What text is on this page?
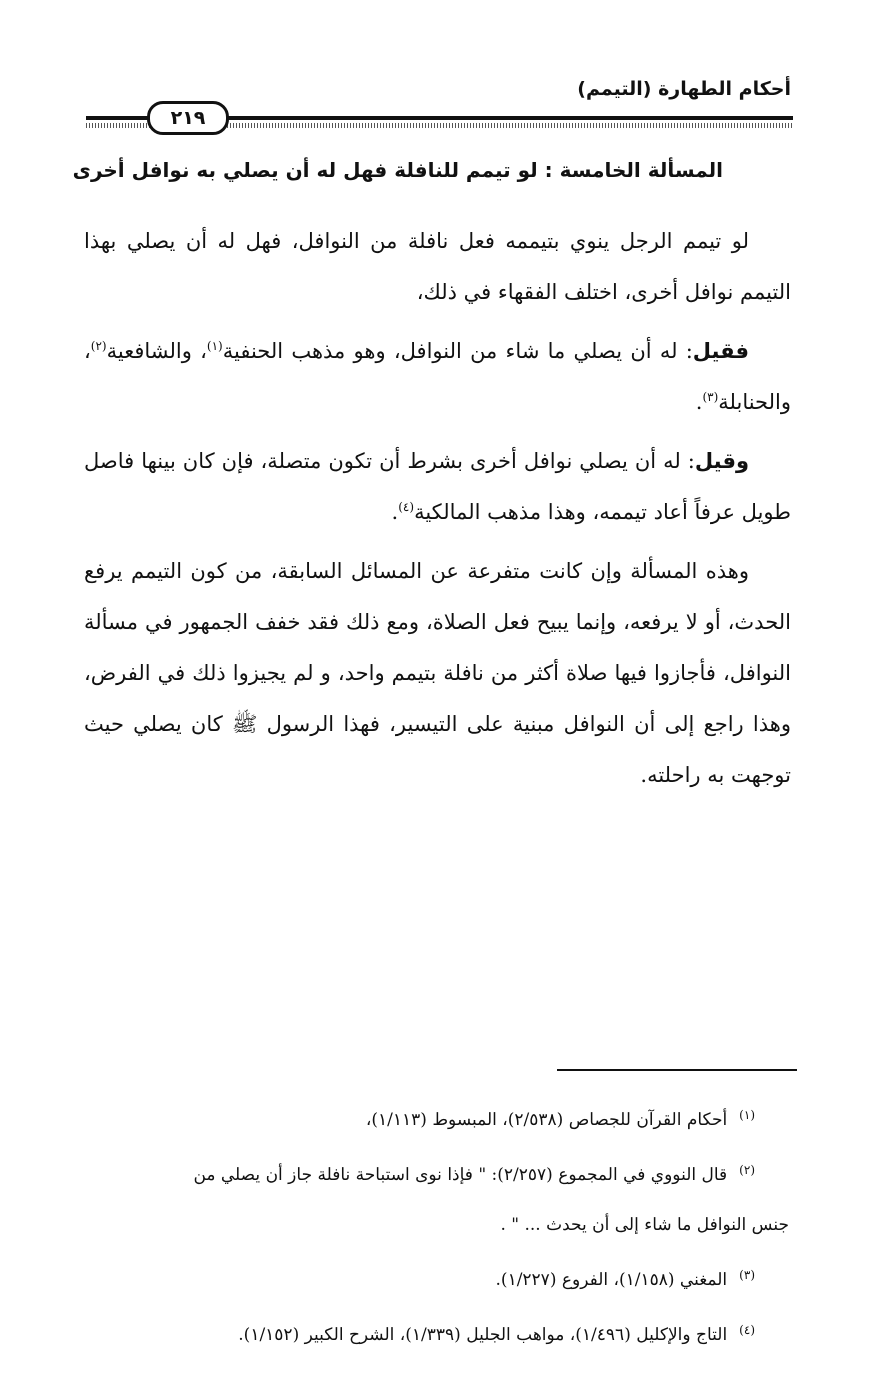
أحكام الطهارة (التيمم)
٢١٩
المسألة الخامسة : لو تيمم للنافلة فهل له أن يصلي به نوافل أخرى

لو تيمم الرجل ينوي بتيممه فعل نافلة من النوافل، فهل له أن يصلي بهذا التيمم نوافل أخرى، اختلف الفقهاء في ذلك،

فقيل: له أن يصلي ما شاء من النوافل، وهو مذهب الحنفية$^{(١)}$، والشافعية$^{(٢)}$، والحنابلة$^{(٣)}$.

وقيل: له أن يصلي نوافل أخرى بشرط أن تكون متصلة، فإن كان بينها فاصل طويل عرفاً أعاد تيممه، وهذا مذهب المالكية$^{(٤)}$.

وهذه المسألة وإن كانت متفرعة عن المسائل السابقة، من كون التيمم يرفع الحدث، أو لا يرفعه، وإنما يبيح فعل الصلاة، ومع ذلك فقد خفف الجمهور في مسألة النوافل، فأجازوا فيها صلاة أكثر من نافلة بتيمم واحد، و لم يجيزوا ذلك في الفرض، وهذا راجع إلى أن النوافل مبنية على التيسير، فهذا الرسول ﷺ كان يصلي حيث توجهت به راحلته.

(١)أحكام القرآن للجصاص (٢/٥٣٨)، المبسوط (١/١١٣)،

(٢)قال النووي في المجموع (٢/٢٥٧): " فإذا نوى استباحة نافلة جاز أن يصلي من

جنس النوافل ما شاء إلى أن يحدث ... " .

(٣)المغني (١/١٥٨)، الفروع (١/٢٢٧).

(٤)التاج والإكليل (١/٤٩٦)، مواهب الجليل (١/٣٣٩)، الشرح الكبير (١/١٥٢).
